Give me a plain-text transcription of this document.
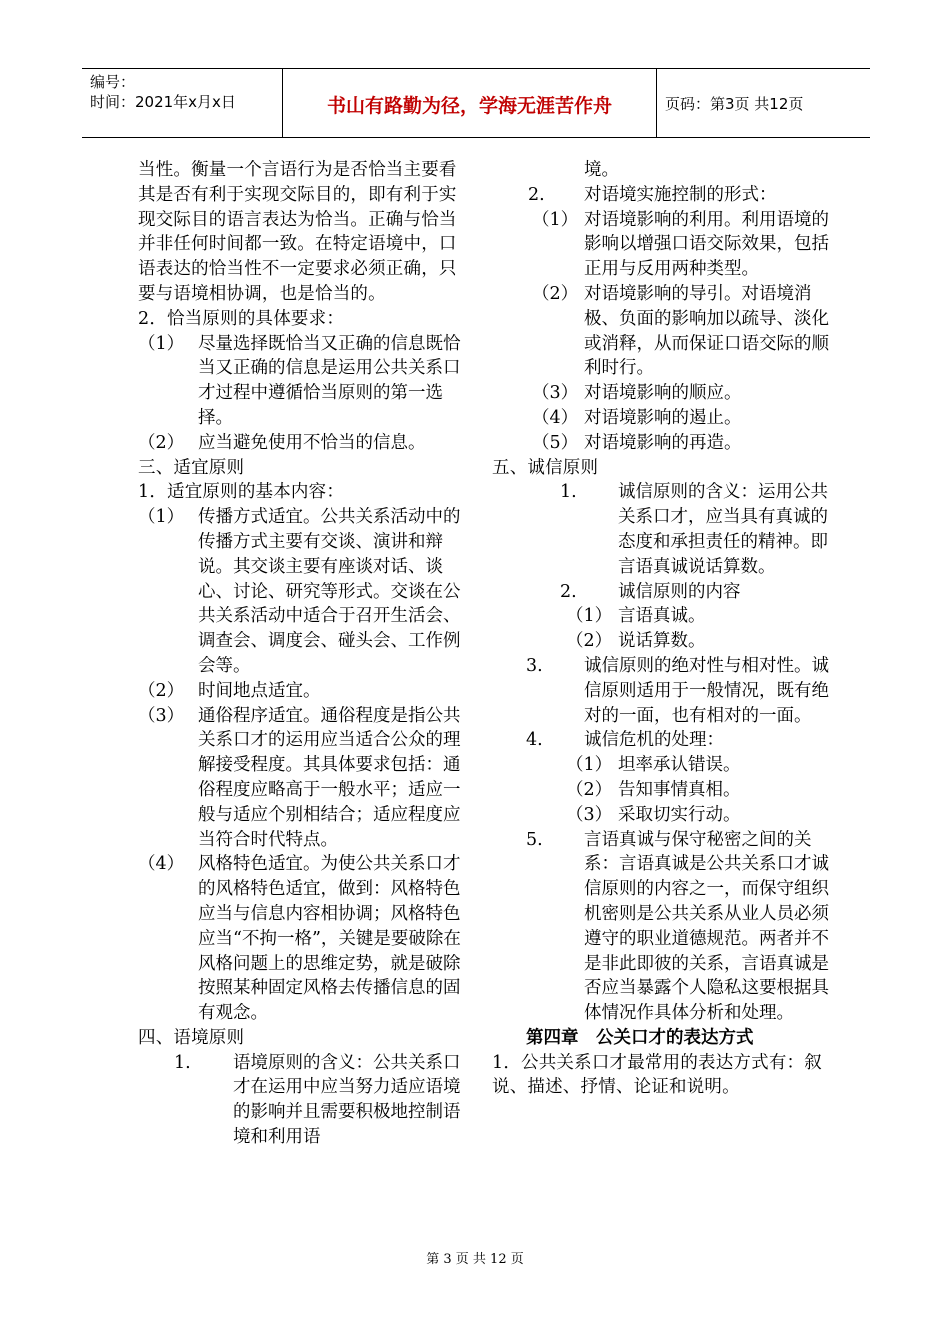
编号：
时间：2021年x月x日	书山有路勤为径，学海无涯苦作舟	页码：第3页 共12页

当性。衡量一个言语行为是否恰当主要看其是否有利于实现交际目的，即有利于实现交际目的语言表达为恰当。正确与恰当并非任何时间都一致。在特定语境中，口语表达的恰当性不一定要求必须正确，只要与语境相协调，也是恰当的。

2．恰当原则的具体要求：

（1） 尽量选择既恰当又正确的信息既恰当又正确的信息是运用公共关系口才过程中遵循恰当原则的第一选择。
（2） 应当避免使用不恰当的信息。

三、适宜原则

1．适宜原则的基本内容：

（1） 传播方式适宜。公共关系活动中的传播方式主要有交谈、演讲和辩说。其交谈主要有座谈对话、谈心、讨论、研究等形式。交谈在公共关系活动中适合于召开生活会、调查会、调度会、碰头会、工作例会等。
（2） 时间地点适宜。
（3） 通俗程序适宜。通俗程度是指公共关系口才的运用应当适合公众的理解接受程度。其具体要求包括：通俗程度应略高于一般水平；适应一般与适应个别相结合；适应程度应当符合时代特点。
（4） 风格特色适宜。为使公共关系口才的风格特色适宜，做到：风格特色应当与信息内容相协调；风格特色应当“不拘一格”，关键是要破除在风格问题上的思维定势，就是破除按照某种固定风格去传播信息的固有观念。

四、语境原则

1.	语境原则的含义：公共关系口才在运用中应当努力适应语境的影响并且需要积极地控制语境和利用语
境。
2.	对语境实施控制的形式：
（1） 对语境影响的利用。利用语境的影响以增强口语交际效果，包括正用与反用两种类型。
（2） 对语境影响的导引。对语境消极、负面的影响加以疏导、淡化或消释，从而保证口语交际的顺利时行。
（3） 对语境影响的顺应。
（4） 对语境影响的遏止。
（5） 对语境影响的再造。

五、诚信原则

1.	诚信原则的含义：运用公共关系口才，应当具有真诚的态度和承担责任的精神。即言语真诚说话算数。
2.	诚信原则的内容
（1） 言语真诚。
（2） 说话算数。
3.	诚信原则的绝对性与相对性。诚信原则适用于一般情况，既有绝对的一面，也有相对的一面。
4.	诚信危机的处理：
（1） 坦率承认错误。
（2） 告知事情真相。
（3） 采取切实行动。
5.	言语真诚与保守秘密之间的关系：言语真诚是公共关系口才诚信原则的内容之一，而保守组织机密则是公共关系从业人员必须遵守的职业道德规范。两者并不是非此即彼的关系，言语真诚是否应当暴露个人隐私这要根据具体情况作具体分析和处理。
第四章　公关口才的表达方式

1．公共关系口才最常用的表达方式有：叙说、描述、抒情、论证和说明。

第 3 页 共 12 页
